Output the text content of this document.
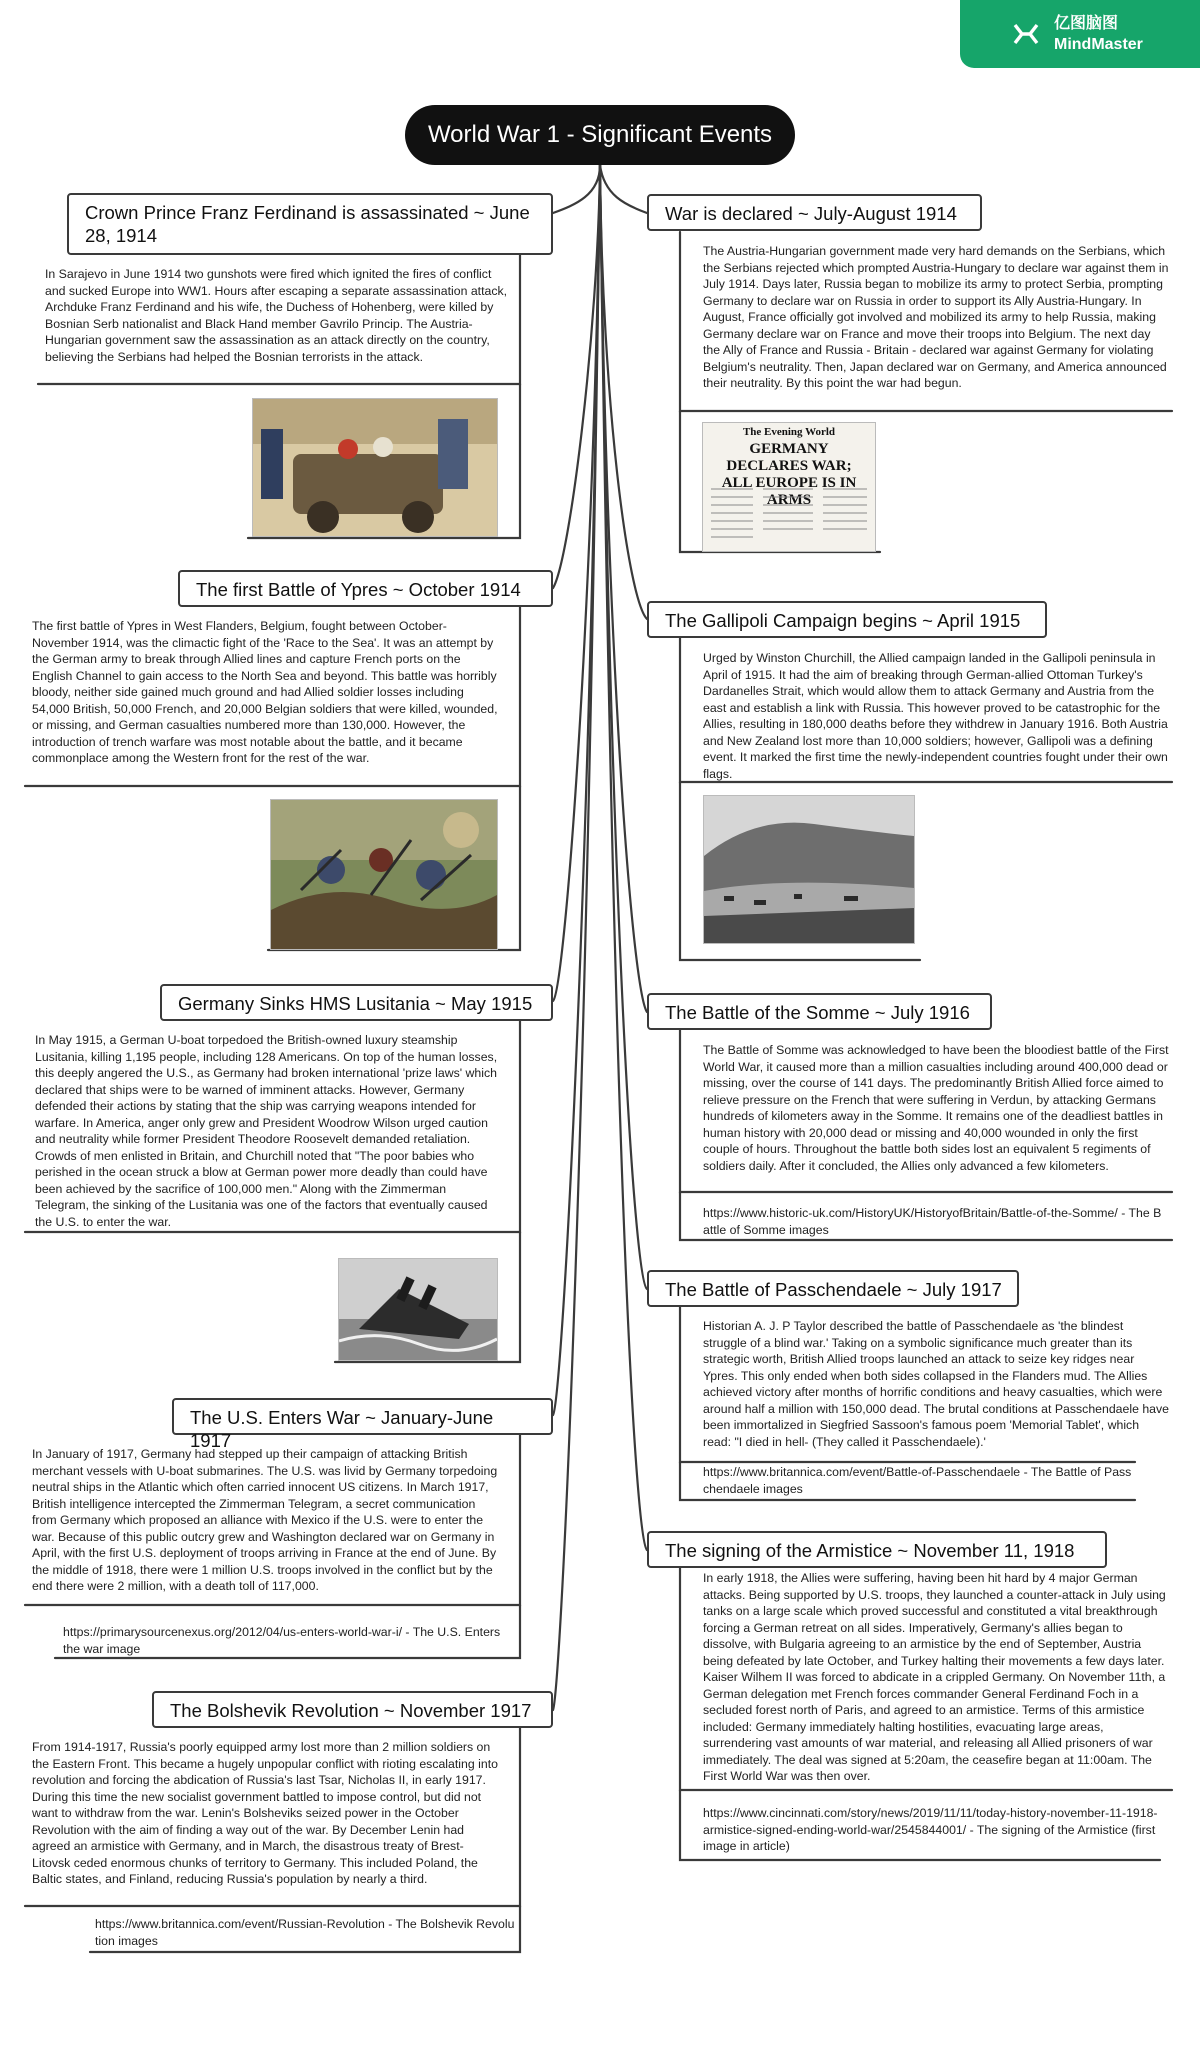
亿图脑图
MindMaster
World War 1 - Significant Events
Crown Prince Franz Ferdinand is assassinated ~ June 28, 1914

In Sarajevo in June 1914 two gunshots were fired which ignited the fires of conflict and sucked Europe into WW1. Hours after escaping a separate assassination attack, Archduke Franz Ferdinand and his wife, the Duchess of Hohenberg, were killed by Bosnian Serb nationalist and Black Hand member Gavrilo Princip. The Austria-Hungarian government saw the assassination as an attack directly on the country, believing the Serbians had helped the Bosnian terrorists in the attack.

The first Battle of Ypres ~ October 1914

The first battle of Ypres in West Flanders, Belgium, fought between October-November 1914, was the climactic fight of the 'Race to the Sea'. It was an attempt by the German army to break through Allied lines and capture French ports on the English Channel to gain access to the North Sea and beyond. This battle was horribly bloody, neither side gained much ground and had Allied soldier losses including 54,000 British, 50,000 French, and 20,000 Belgian soldiers that were killed, wounded, or missing, and German casualties numbered more than 130,000. However, the introduction of trench warfare was most notable about the battle, and it became commonplace among the Western front for the rest of the war.

Germany Sinks HMS Lusitania ~ May 1915

In May 1915, a German U-boat torpedoed the British-owned luxury steamship Lusitania, killing 1,195 people, including 128 Americans. On top of the human losses, this deeply angered the U.S., as Germany had broken international 'prize laws' which declared that ships were to be warned of imminent attacks. However, Germany defended their actions by stating that the ship was carrying weapons intended for warfare. In America, anger only grew and President Woodrow Wilson urged caution and neutrality while former President Theodore Roosevelt demanded retaliation. Crowds of men enlisted in Britain, and Churchill noted that "The poor babies who perished in the ocean struck a blow at German power more deadly than could have been achieved by the sacrifice of 100,000 men." Along with the Zimmerman Telegram, the sinking of the Lusitania was one of the factors that eventually caused the U.S. to enter the war.

The U.S. Enters War ~ January-June 1917

In January of 1917, Germany had stepped up their campaign of attacking British merchant vessels with U-boat submarines. The U.S. was livid by Germany torpedoing neutral ships in the Atlantic which often carried innocent US citizens. In March 1917, British intelligence intercepted the Zimmerman Telegram, a secret communication from Germany which proposed an alliance with Mexico if the U.S. were to enter the war. Because of this public outcry grew and Washington declared war on Germany in April, with the first U.S. deployment of troops arriving in France at the end of June. By the middle of 1918, there were 1 million U.S. troops involved in the conflict but by the end there were 2 million, with a death toll of 117,000.

https://primarysourcenexus.org/2012/04/us-enters-world-war-i/ - The U.S. Enters the war image
The Bolshevik Revolution ~ November 1917

From 1914-1917, Russia's poorly equipped army lost more than 2 million soldiers on the Eastern Front. This became a hugely unpopular conflict with rioting escalating into revolution and forcing the abdication of Russia's last Tsar, Nicholas II, in early 1917. During this time the new socialist government battled to impose control, but did not want to withdraw from the war. Lenin's Bolsheviks seized power in the October Revolution with the aim of finding a way out of the war. By December Lenin had agreed an armistice with Germany, and in March, the disastrous treaty of Brest-Litovsk ceded enormous chunks of territory to Germany. This included Poland, the Baltic states, and Finland, reducing Russia's population by nearly a third.

https://www.britannica.com/event/Russian-Revolution - The Bolshevik Revolution images
War is declared ~ July-August 1914

The Austria-Hungarian government made very hard demands on the Serbians, which the Serbians rejected which prompted Austria-Hungary to declare war against them in July 1914. Days later, Russia began to mobilize its army to protect Serbia, prompting Germany to declare war on Russia in order to support its Ally Austria-Hungary. In August, France officially got involved and mobilized its army to help Russia, making Germany declare war on France and move their troops into Belgium. The next day the Ally of France and Russia - Britain - declared war against Germany for violating Belgium's neutrality. Then, Japan declared war on Germany, and America announced their neutrality. By this point the war had begun.

The Evening World
GERMANY DECLARES WAR; ALL EUROPE IS IN ARMS
The Gallipoli Campaign begins ~ April 1915

Urged by Winston Churchill, the Allied campaign landed in the Gallipoli peninsula in April of 1915. It had the aim of breaking through German-allied Ottoman Turkey's Dardanelles Strait, which would allow them to attack Germany and Austria from the east and establish a link with Russia. This however proved to be catastrophic for the Allies, resulting in 180,000 deaths before they withdrew in January 1916. Both Austria and New Zealand lost more than 10,000 soldiers; however, Gallipoli was a defining event. It marked the first time the newly-independent countries fought under their own flags.

The Battle of the Somme ~ July 1916

The Battle of Somme was acknowledged to have been the bloodiest battle of the First World War, it caused more than a million casualties including around 400,000 dead or missing, over the course of 141 days. The predominantly British Allied force aimed to relieve pressure on the French that were suffering in Verdun, by attacking Germans hundreds of kilometers away in the Somme. It remains one of the deadliest battles in human history with 20,000 dead or missing and 40,000 wounded in only the first couple of hours. Throughout the battle both sides lost an equivalent 5 regiments of soldiers daily. After it concluded, the Allies only advanced a few kilometers.

https://www.historic-uk.com/HistoryUK/HistoryofBritain/Battle-of-the-Somme/ - The Battle of Somme images
The Battle of Passchendaele ~ July 1917

Historian A. J. P Taylor described the battle of Passchendaele as 'the blindest struggle of a blind war.' Taking on a symbolic significance much greater than its strategic worth, British Allied troops launched an attack to seize key ridges near Ypres. This only ended when both sides collapsed in the Flanders mud. The Allies achieved victory after months of horrific conditions and heavy casualties, which were around half a million with 150,000 dead. The brutal conditions at Passchendaele have been immortalized in Siegfried Sassoon's famous poem 'Memorial Tablet', which read: "I died in hell- (They called it Passchendaele).'

https://www.britannica.com/event/Battle-of-Passchendaele - The Battle of Passchendaele images
The signing of the Armistice ~ November 11, 1918

In early 1918, the Allies were suffering, having been hit hard by 4 major German attacks. Being supported by U.S. troops, they launched a counter-attack in July using tanks on a large scale which proved successful and constituted a vital breakthrough forcing a German retreat on all sides. Imperatively, Germany's allies began to dissolve, with Bulgaria agreeing to an armistice by the end of September, Austria being defeated by late October, and Turkey halting their movements a few days later. Kaiser Wilhem II was forced to abdicate in a crippled Germany. On November 11th, a German delegation met French forces commander General Ferdinand Foch in a secluded forest north of Paris, and agreed to an armistice. Terms of this armistice included: Germany immediately halting hostilities, evacuating large areas, surrendering vast amounts of war material, and releasing all Allied prisoners of war immediately. The deal was signed at 5:20am, the ceasefire began at 11:00am. The First World War was then over.

https://www.cincinnati.com/story/news/2019/11/11/today-history-november-11-1918-armistice-signed-ending-world-war/2545844001/ - The signing of the Armistice (first image in article)
